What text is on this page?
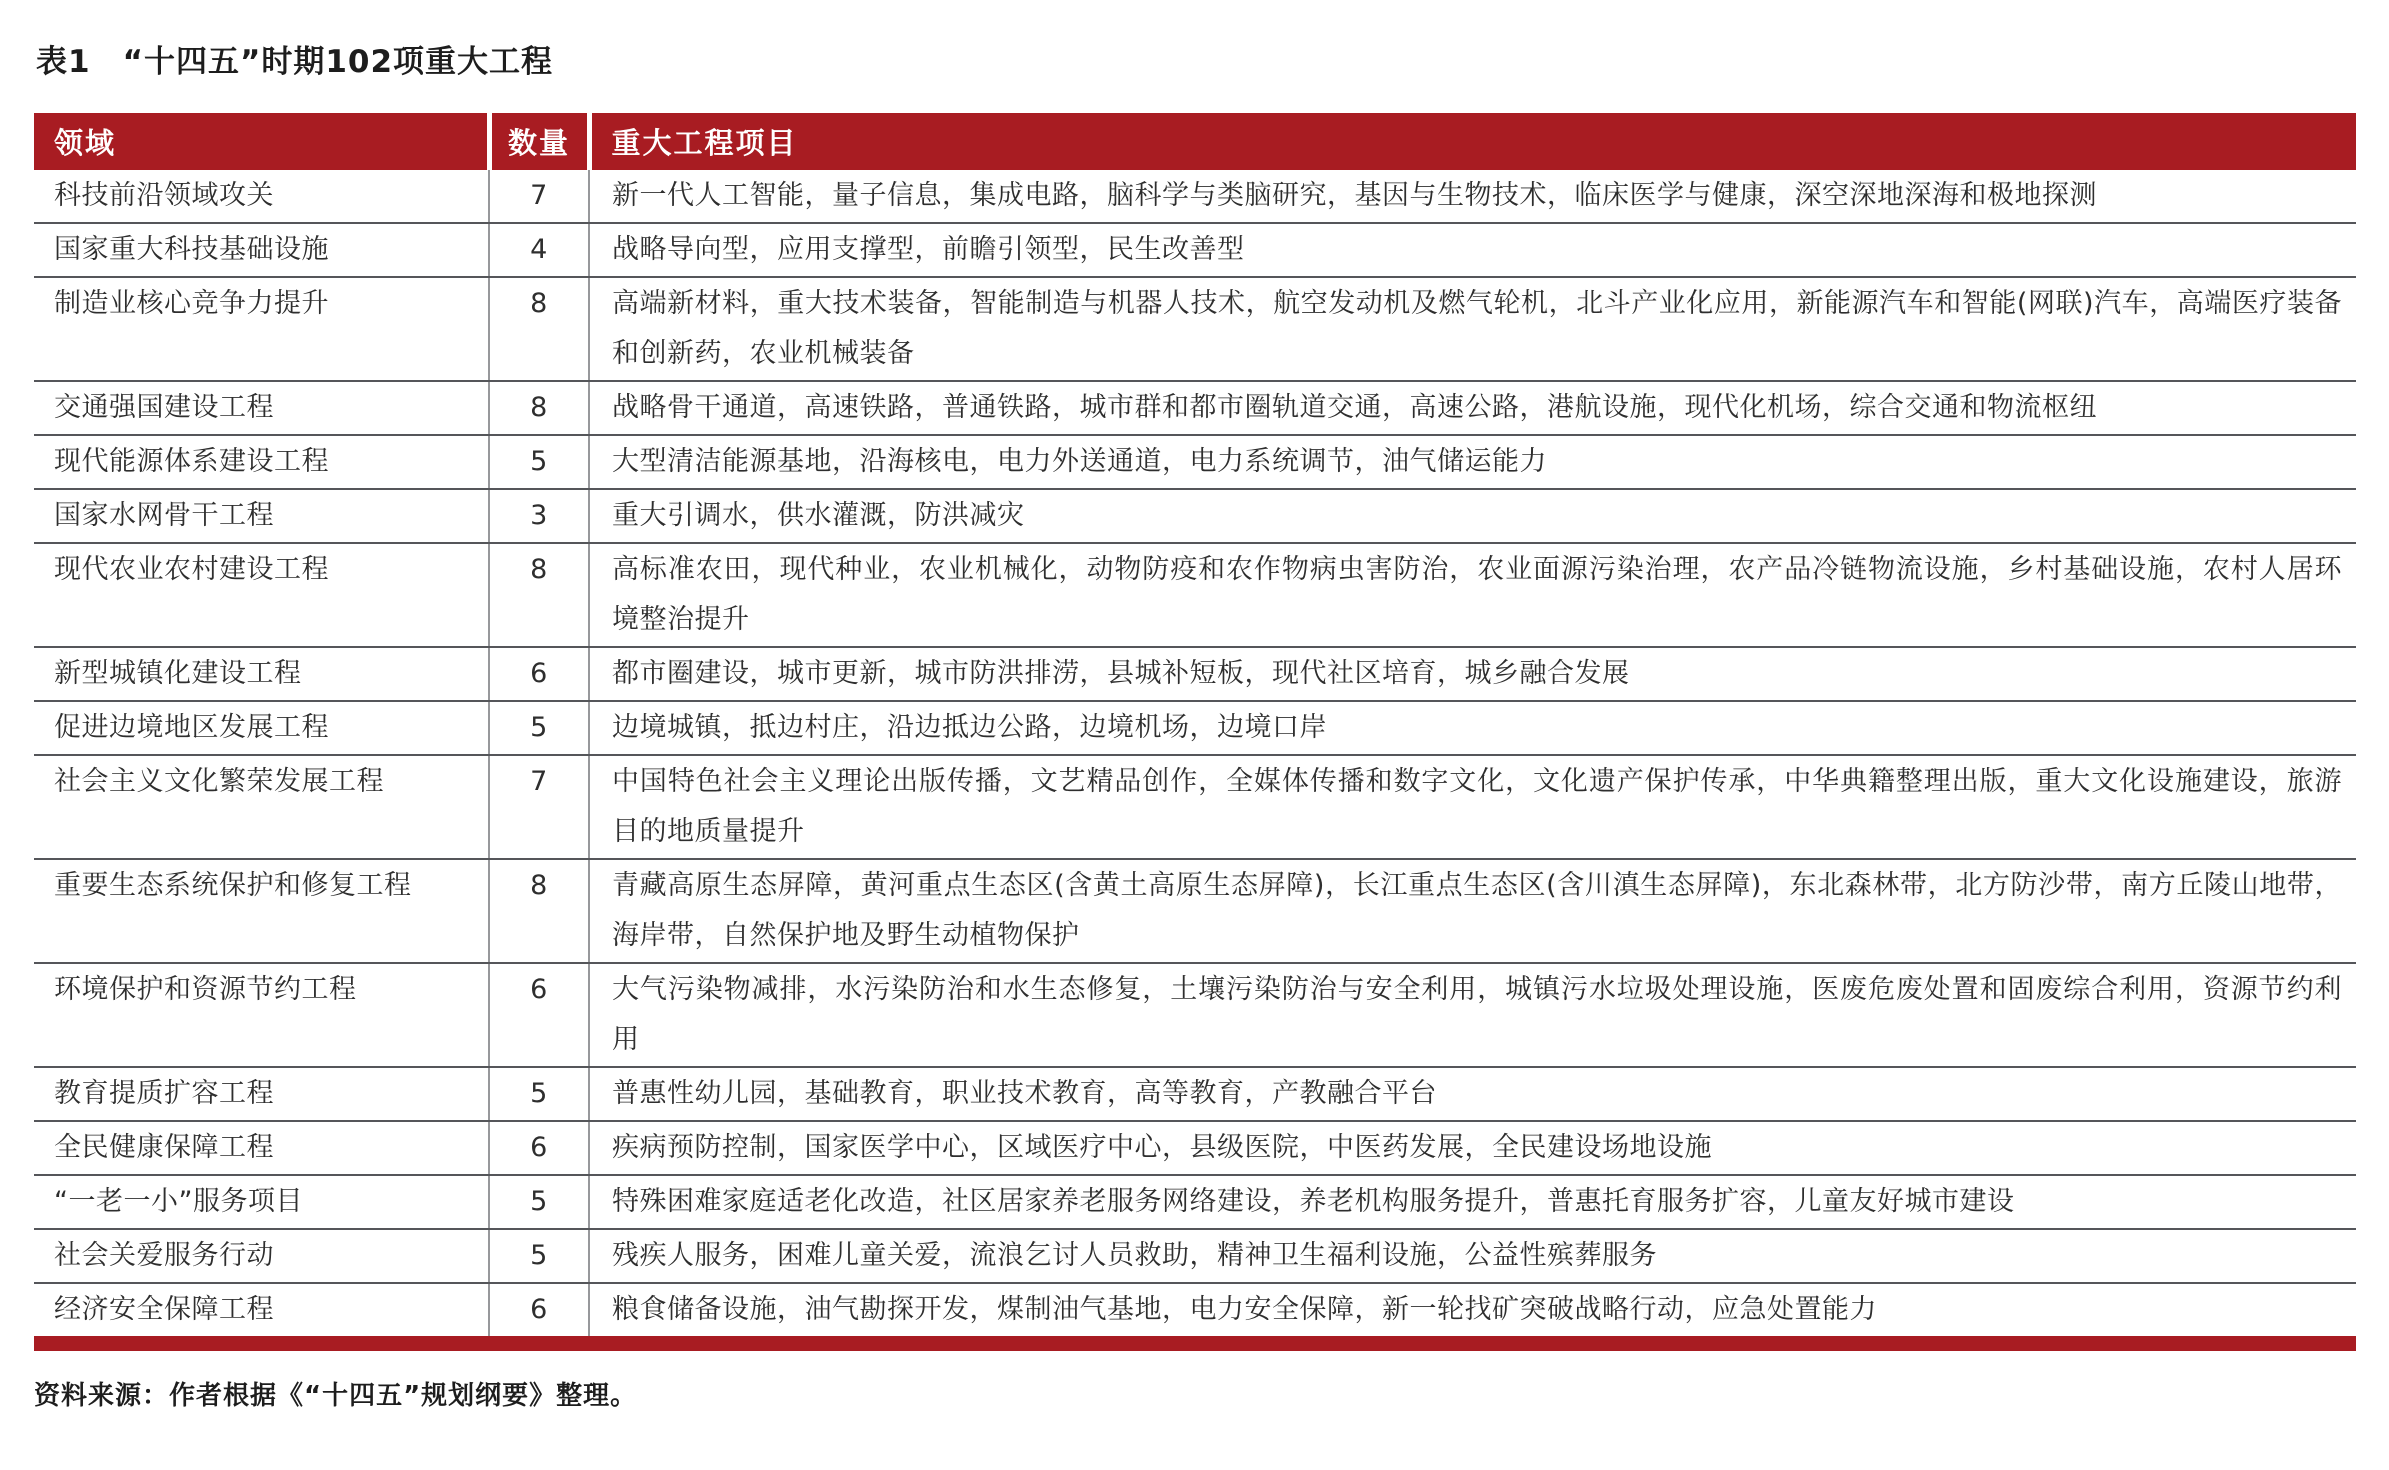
表1　“十四五”时期102项重大工程
领域	数量	重大工程项目
科技前沿领域攻关	7	新一代人工智能，量子信息，集成电路，脑科学与类脑研究，基因与生物技术，临床医学与健康，深空深地深海和极地探测
国家重大科技基础设施	4	战略导向型，应用支撑型，前瞻引领型，民生改善型
制造业核心竞争力提升	8	高端新材料，重大技术装备，智能制造与机器人技术，航空发动机及燃气轮机，北斗产业化应用，新能源汽车和智能(网联)汽车，高端医疗装备和创新药，农业机械装备
交通强国建设工程	8	战略骨干通道，高速铁路，普通铁路，城市群和都市圈轨道交通，高速公路，港航设施，现代化机场，综合交通和物流枢纽
现代能源体系建设工程	5	大型清洁能源基地，沿海核电，电力外送通道，电力系统调节，油气储运能力
国家水网骨干工程	3	重大引调水，供水灌溉，防洪减灾
现代农业农村建设工程	8	高标准农田，现代种业，农业机械化，动物防疫和农作物病虫害防治，农业面源污染治理，农产品冷链物流设施，乡村基础设施，农村人居环境整治提升
新型城镇化建设工程	6	都市圈建设，城市更新，城市防洪排涝，县城补短板，现代社区培育，城乡融合发展
促进边境地区发展工程	5	边境城镇，抵边村庄，沿边抵边公路，边境机场，边境口岸
社会主义文化繁荣发展工程	7	中国特色社会主义理论出版传播，文艺精品创作，全媒体传播和数字文化，文化遗产保护传承，中华典籍整理出版，重大文化设施建设，旅游目的地质量提升
重要生态系统保护和修复工程	8	青藏高原生态屏障，黄河重点生态区(含黄土高原生态屏障)，长江重点生态区(含川滇生态屏障)，东北森林带，北方防沙带，南方丘陵山地带，海岸带，自然保护地及野生动植物保护
环境保护和资源节约工程	6	大气污染物减排，水污染防治和水生态修复，土壤污染防治与安全利用，城镇污水垃圾处理设施，医废危废处置和固废综合利用，资源节约利用
教育提质扩容工程	5	普惠性幼儿园，基础教育，职业技术教育，高等教育，产教融合平台
全民健康保障工程	6	疾病预防控制，国家医学中心，区域医疗中心，县级医院，中医药发展，全民建设场地设施
“一老一小”服务项目	5	特殊困难家庭适老化改造，社区居家养老服务网络建设，养老机构服务提升，普惠托育服务扩容，儿童友好城市建设
社会关爱服务行动	5	残疾人服务，困难儿童关爱，流浪乞讨人员救助，精神卫生福利设施，公益性殡葬服务
经济安全保障工程	6	粮食储备设施，油气勘探开发，煤制油气基地，电力安全保障，新一轮找矿突破战略行动，应急处置能力

资料来源：作者根据《“十四五”规划纲要》整理。
